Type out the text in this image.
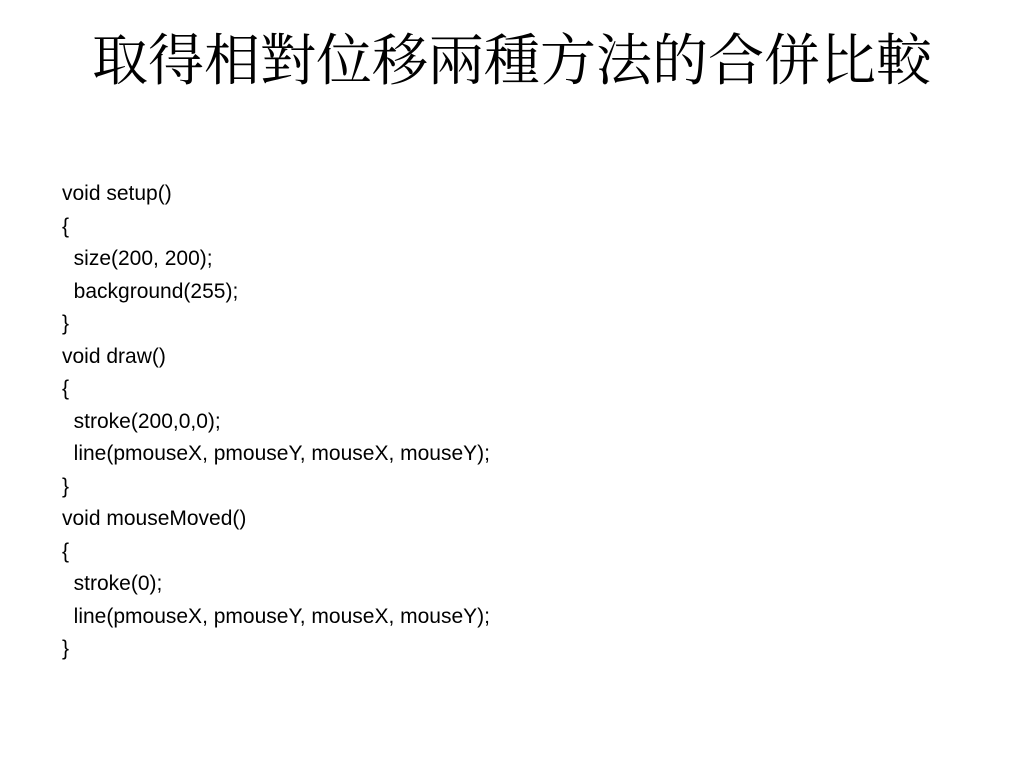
取得相對位移兩種方法的合併比較
void setup()
{
size(200, 200);
background(255);
}
void draw()
{
stroke(200,0,0);
line(pmouseX, pmouseY, mouseX, mouseY);
}
void mouseMoved()
{
stroke(0);
line(pmouseX, pmouseY, mouseX, mouseY);
}
